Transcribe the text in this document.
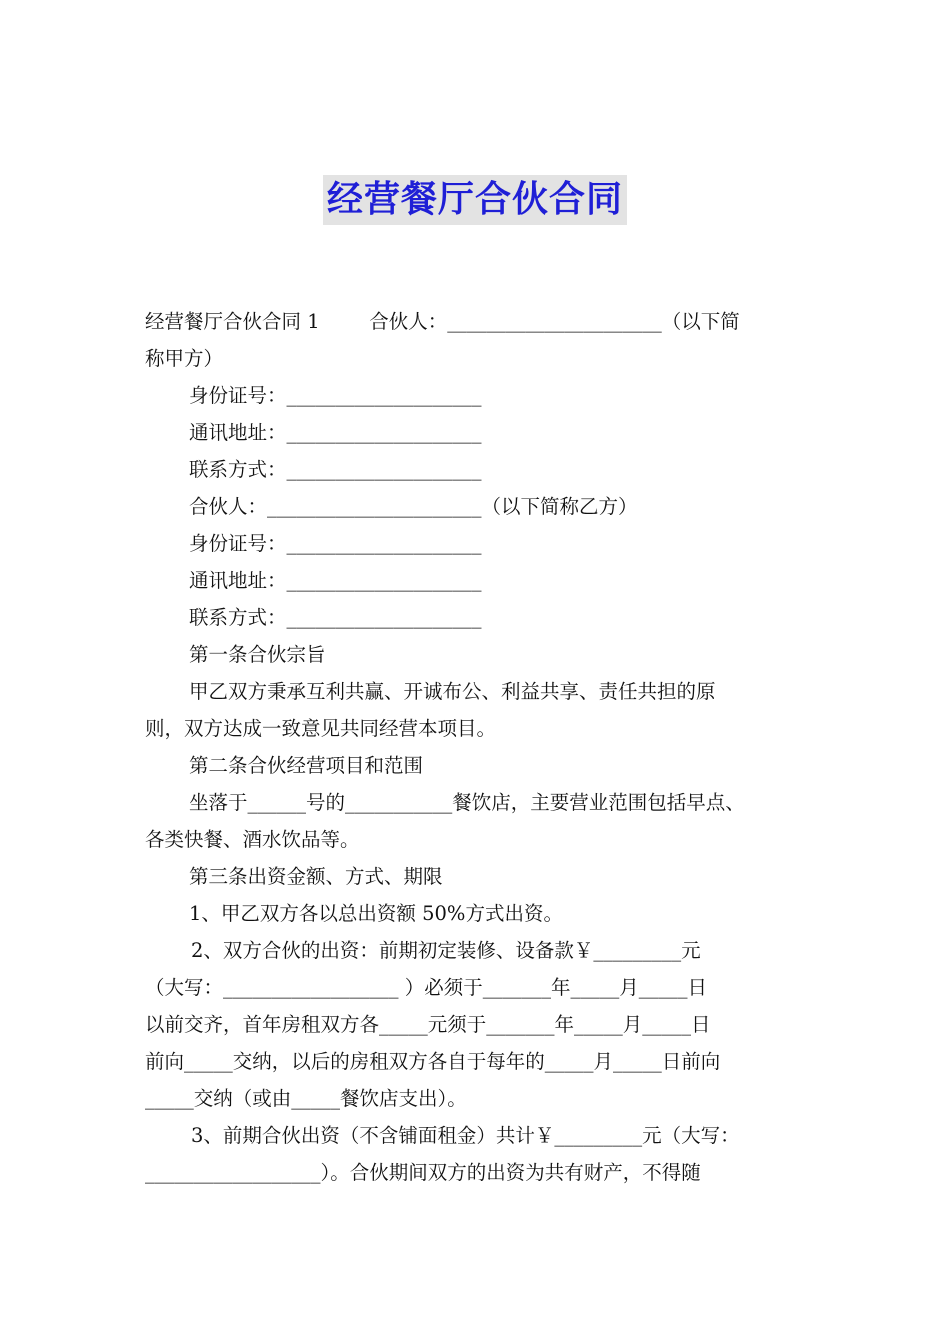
经营餐厅合伙合同
经营餐厅合伙合同 1        合伙人：______________________（以下简
称甲方）
身份证号：____________________
通讯地址：____________________
联系方式：____________________
合伙人：______________________（以下简称乙方）
身份证号：____________________
通讯地址：____________________
联系方式：____________________
第一条合伙宗旨
甲乙双方秉承互利共赢、开诚布公、利益共享、责任共担的原
则，双方达成一致意见共同经营本项目。
第二条合伙经营项目和范围
坐落于______号的___________餐饮店，主要营业范围包括早点、
各类快餐、酒水饮品等。
第三条出资金额、方式、期限
1、甲乙双方各以总出资额 50%方式出资。
2、双方合伙的出资：前期初定装修、设备款￥_________元
（大写：__________________ ）必须于_______年_____月_____日
以前交齐，首年房租双方各_____元须于_______年_____月_____日
前向_____交纳，以后的房租双方各自于每年的_____月_____日前向
_____交纳（或由_____餐饮店支出）。
3、前期合伙出资（不含铺面租金）共计￥_________元（大写：
__________________）。合伙期间双方的出资为共有财产，不得随
